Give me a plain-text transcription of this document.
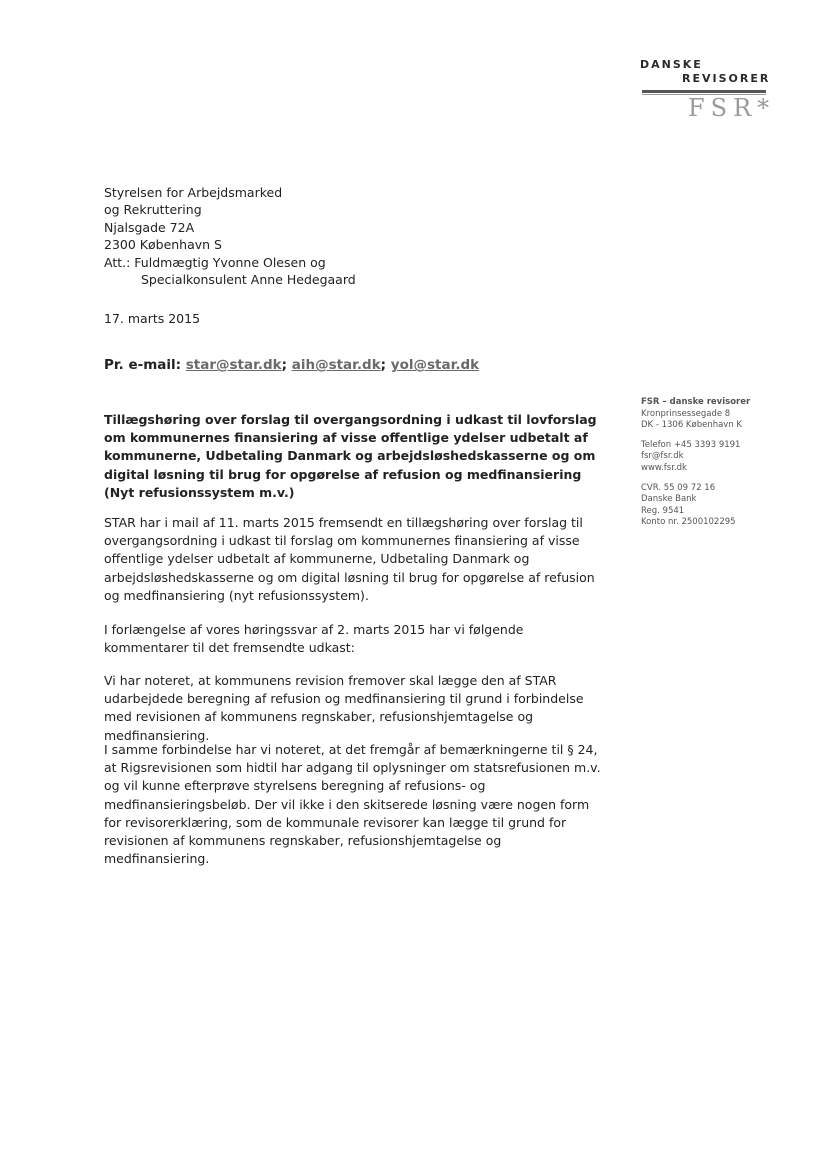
DANSKE
REVISORER
FSR*
Styrelsen for Arbejdsmarked
og Rekruttering
Njalsgade 72A
2300 København S
Att.: Fuldmægtig Yvonne Olesen og
Specialkonsulent Anne Hedegaard
17. marts 2015
Pr. e-mail: star@star.dk; aih@star.dk; yol@star.dk
Tillægshøring over forslag til overgangsordning i udkast til lovforslag om kommunernes finansiering af visse offentlige ydelser udbetalt af kommunerne, Udbetaling Danmark og arbejdsløshedskasserne og om digital løsning til brug for opgørelse af refusion og medfinansiering (Nyt refusionssystem m.v.)
STAR har i mail af 11. marts 2015 fremsendt en tillægshøring over forslag til overgangsordning i udkast til forslag om kommunernes finansiering af visse offentlige ydelser udbetalt af kommunerne, Udbetaling Danmark og arbejdsløshedskasserne og om digital løsning til brug for opgørelse af refusion og medfinansiering (nyt refusionssystem).
I forlængelse af vores høringssvar af 2. marts 2015 har vi følgende kommentarer til det fremsendte udkast:
Vi har noteret, at kommunens revision fremover skal lægge den af STAR udarbejdede beregning af refusion og medfinansiering til grund i forbindelse med revisionen af kommunens regnskaber, refusionshjemtagelse og medfinansiering.
I samme forbindelse har vi noteret, at det fremgår af bemærkningerne til § 24, at Rigsrevisionen som hidtil har adgang til oplysninger om statsrefusionen m.v. og vil kunne efterprøve styrelsens beregning af refusions- og medfinansieringsbeløb. Der vil ikke i den skitserede løsning være nogen form for revisorerklæring, som de kommunale revisorer kan lægge til grund for revisionen af kommunens regnskaber, refusionshjemtagelse og medfinansiering.
FSR – danske revisorer
Kronprinsessegade 8
DK - 1306 København K
Telefon +45 3393 9191
fsr@fsr.dk
www.fsr.dk
CVR. 55 09 72 16
Danske Bank
Reg. 9541
Konto nr. 2500102295
